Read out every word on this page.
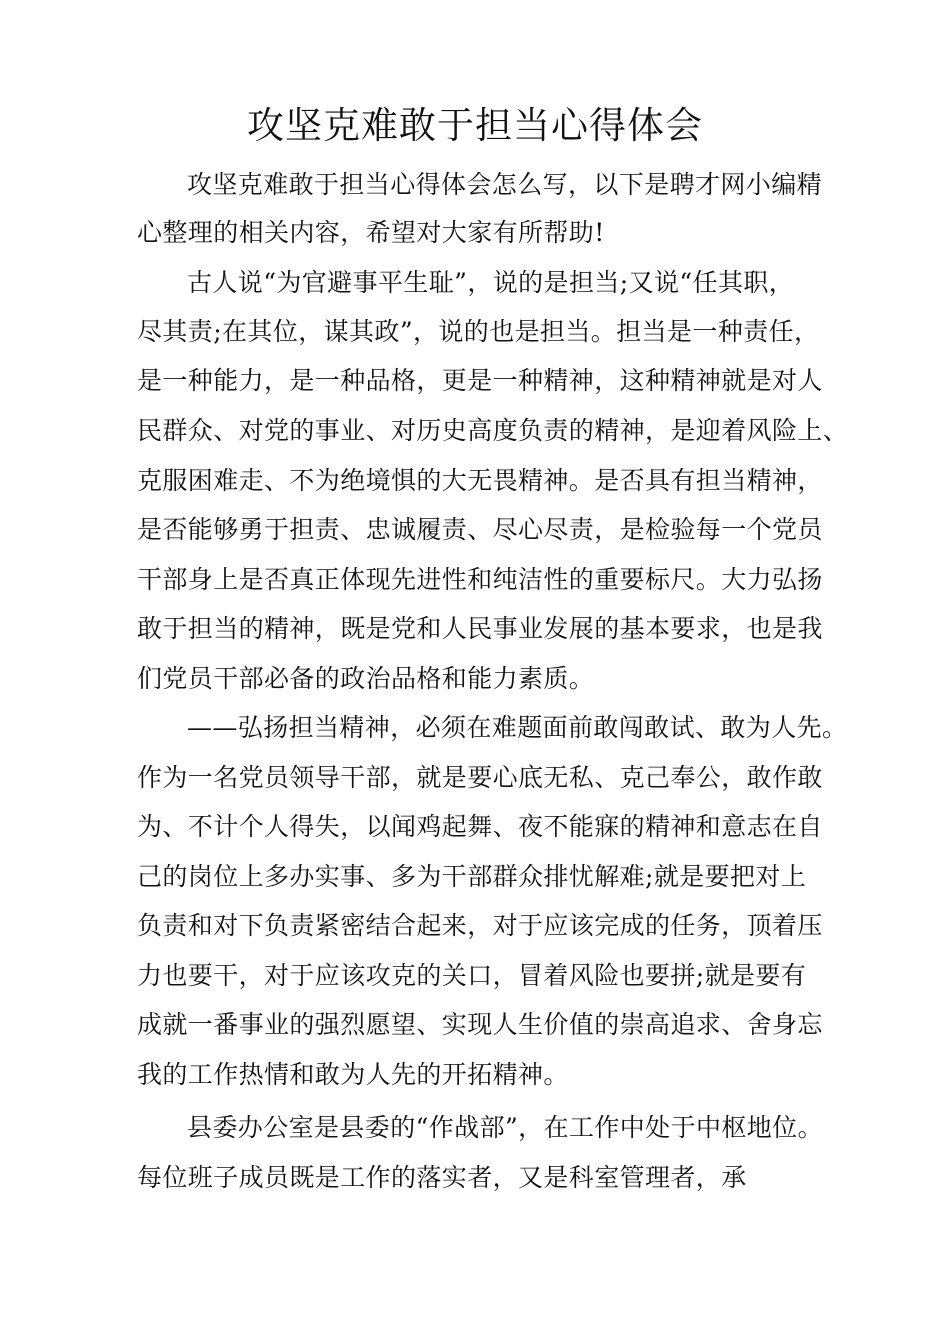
攻坚克难敢于担当心得体会
攻坚克难敢于担当心得体会怎么写，以下是聘才网小编精
心整理的相关内容，希望对大家有所帮助!
古人说“为官避事平生耻”，说的是担当;又说“任其职，
尽其责;在其位，谋其政”，说的也是担当。担当是一种责任，
是一种能力，是一种品格，更是一种精神，这种精神就是对人
民群众、对党的事业、对历史高度负责的精神，是迎着风险上、
克服困难走、不为绝境惧的大无畏精神。是否具有担当精神，
是否能够勇于担责、忠诚履责、尽心尽责，是检验每一个党员
干部身上是否真正体现先进性和纯洁性的重要标尺。大力弘扬
敢于担当的精神，既是党和人民事业发展的基本要求，也是我
们党员干部必备的政治品格和能力素质。
——弘扬担当精神，必须在难题面前敢闯敢试、敢为人先。
作为一名党员领导干部，就是要心底无私、克己奉公，敢作敢
为、不计个人得失，以闻鸡起舞、夜不能寐的精神和意志在自
己的岗位上多办实事、多为干部群众排忧解难;就是要把对上
负责和对下负责紧密结合起来，对于应该完成的任务，顶着压
力也要干，对于应该攻克的关口，冒着风险也要拼;就是要有
成就一番事业的强烈愿望、实现人生价值的崇高追求、舍身忘
我的工作热情和敢为人先的开拓精神。
县委办公室是县委的“作战部”，在工作中处于中枢地位。
每位班子成员既是工作的落实者，又是科室管理者，承
